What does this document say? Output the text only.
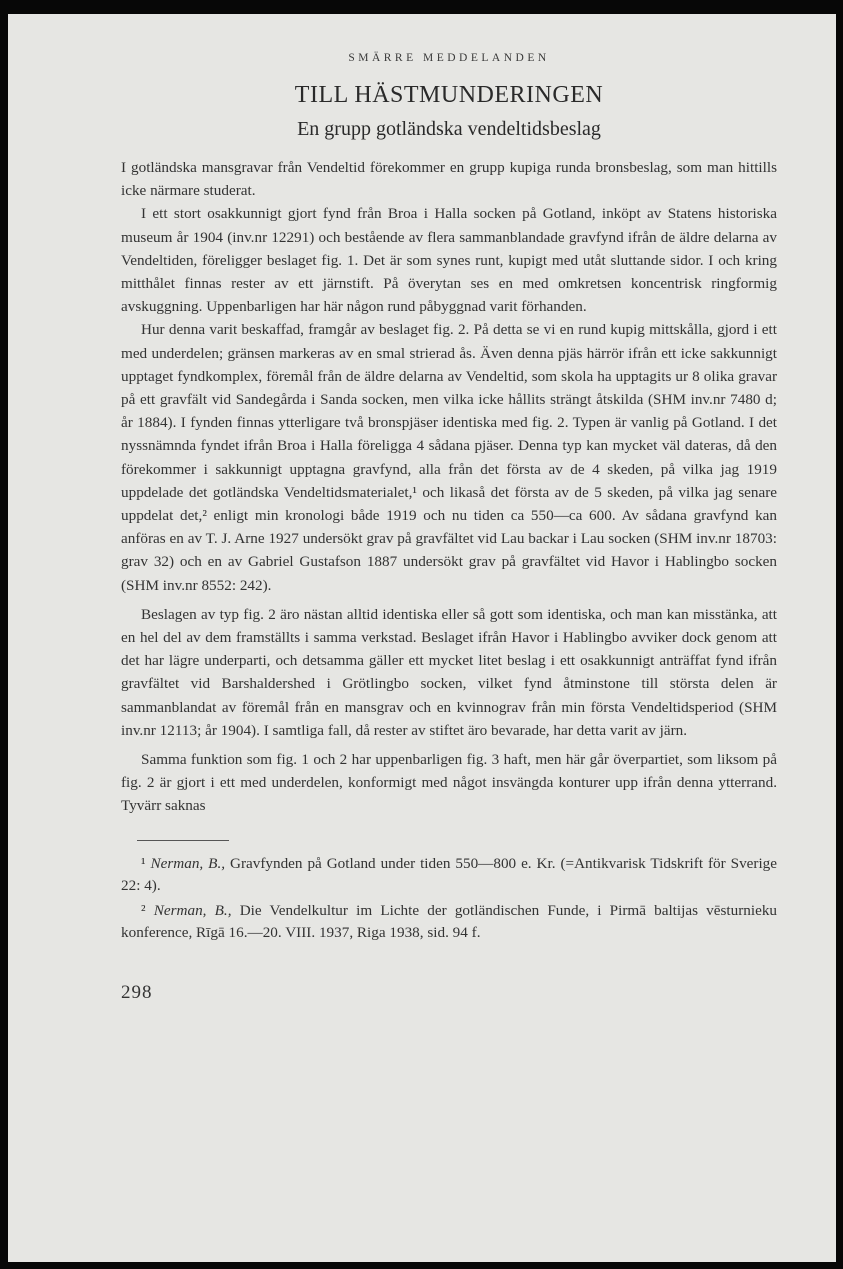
SMÄRRE MEDDELANDEN
TILL HÄSTMUNDERINGEN
En grupp gotländska vendeltidsbeslag

I gotländska mansgravar från Vendeltid förekommer en grupp kupiga runda bronsbeslag, som man hittills icke närmare studerat.

I ett stort osakkunnigt gjort fynd från Broa i Halla socken på Gotland, inköpt av Statens historiska museum år 1904 (inv.nr 12291) och bestående av flera sammanblandade gravfynd ifrån de äldre delarna av Vendeltiden, föreligger beslaget fig. 1. Det är som synes runt, kupigt med utåt sluttande sidor. I och kring mitthålet finnas rester av ett järnstift. På överytan ses en med omkretsen koncentrisk ringformig avskuggning. Uppenbarligen har här någon rund påbyggnad varit förhanden.

Hur denna varit beskaffad, framgår av beslaget fig. 2. På detta se vi en rund kupig mittskålla, gjord i ett med underdelen; gränsen markeras av en smal strierad ås. Även denna pjäs härrör ifrån ett icke sakkunnigt upptaget fyndkomplex, föremål från de äldre delarna av Vendeltid, som skola ha upptagits ur 8 olika gravar på ett gravfält vid Sandegårda i Sanda socken, men vilka icke hållits strängt åtskilda (SHM inv.nr 7480 d; år 1884). I fynden finnas ytterligare två bronspjäser identiska med fig. 2. Typen är vanlig på Gotland. I det nyssnämnda fyndet ifrån Broa i Halla föreligga 4 sådana pjäser. Denna typ kan mycket väl dateras, då den förekommer i sakkunnigt upptagna gravfynd, alla från det första av de 4 skeden, på vilka jag 1919 uppdelade det gotländska Vendeltidsmaterialet,¹ och likaså det första av de 5 skeden, på vilka jag senare uppdelat det,² enligt min kronologi både 1919 och nu tiden ca 550—ca 600. Av sådana gravfynd kan anföras en av T. J. Arne 1927 undersökt grav på gravfältet vid Lau backar i Lau socken (SHM inv.nr 18703: grav 32) och en av Gabriel Gustafson 1887 undersökt grav på gravfältet vid Havor i Hablingbo socken (SHM inv.nr 8552: 242).

Beslagen av typ fig. 2 äro nästan alltid identiska eller så gott som identiska, och man kan misstänka, att en hel del av dem framställts i samma verkstad. Beslaget ifrån Havor i Hablingbo avviker dock genom att det har lägre underparti, och detsamma gäller ett mycket litet beslag i ett osakkunnigt anträffat fynd ifrån gravfältet vid Barshaldershed i Grötlingbo socken, vilket fynd åtminstone till största delen är sammanblandat av föremål från en mansgrav och en kvinnograv från min första Vendeltidsperiod (SHM inv.nr 12113; år 1904). I samtliga fall, då rester av stiftet äro bevarade, har detta varit av järn.

Samma funktion som fig. 1 och 2 har uppenbarligen fig. 3 haft, men här går överpartiet, som liksom på fig. 2 är gjort i ett med underdelen, konformigt med något insvängda konturer upp ifrån denna ytterrand. Tyvärr saknas

¹ Nerman, B., Gravfynden på Gotland under tiden 550—800 e. Kr. (=Antikvarisk Tidskrift för Sverige 22: 4).

² Nerman, B., Die Vendelkultur im Lichte der gotländischen Funde, i Pirmā baltijas vēsturnieku konference, Rīgā 16.—20. VIII. 1937, Riga 1938, sid. 94 f.

298
